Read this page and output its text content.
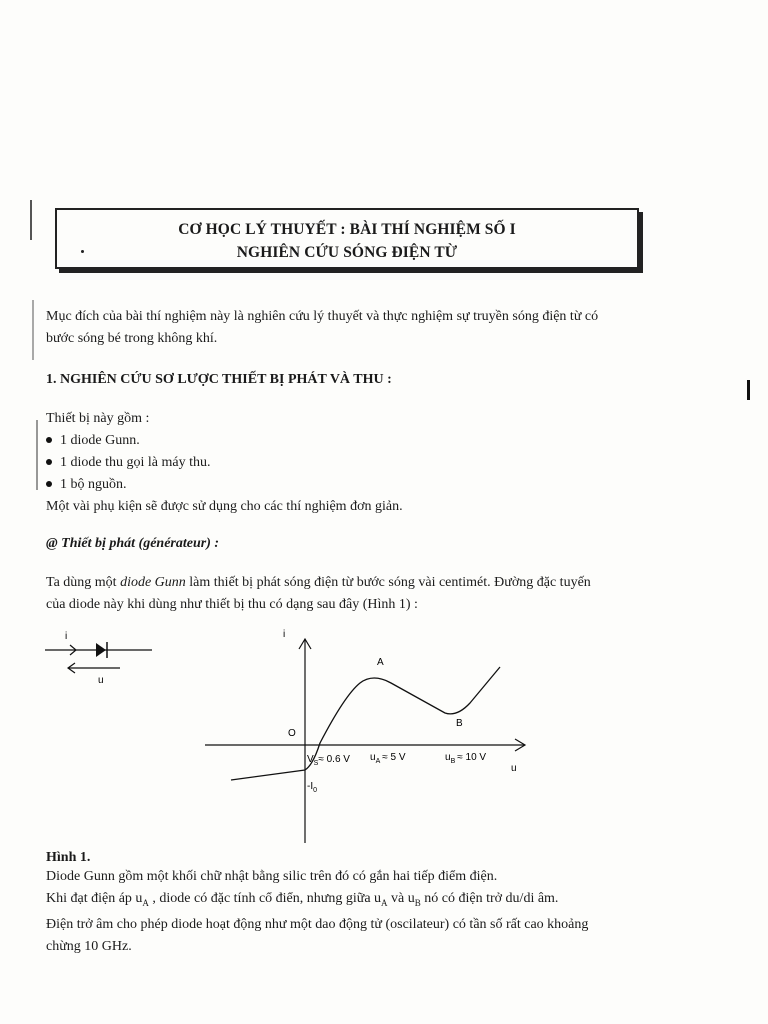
CƠ HỌC LÝ THUYẾT : BÀI THÍ NGHIỆM SỐ I
NGHIÊN CỨU SÓNG ĐIỆN TỪ
Mục đích của bài thí nghiệm này là nghiên cứu lý thuyết và thực nghiệm sự truyền sóng điện từ có
bước sóng bé trong không khí.
1. NGHIÊN CỨU SƠ LƯỢC THIẾT BỊ PHÁT VÀ THU :
Thiết bị này gồm :
1 diode Gunn.
1 diode thu gọi là máy thu.
1 bộ nguồn.
Một vài phụ kiện sẽ được sử dụng cho các thí nghiệm đơn giản.
@ Thiết bị phát (générateur) :
Ta dùng một diode Gunn làm thiết bị phát sóng điện từ bước sóng vài centimét. Đường đặc tuyến
của diode này khi dùng như thiết bị thu có dạng sau đây (Hình 1) :
i
u
i
u
O
A
B
$-I_0$
$V_S\approx 0.6$ V $u_A \approx 5$ V	$u_B \approx 10$ V
Hình 1.
Diode Gunn gồm một khối chữ nhật bằng silic trên đó có gắn hai tiếp điểm điện.
Khi đạt điện áp $u_A$ , diode có đặc tính cổ điển, nhưng giữa $u_A$ và $u_B$ nó có điện trở du/di âm.
Điện trở âm cho phép diode hoạt động như một dao động tử (oscilateur) có tần số rất cao khoảng
chừng 10 GHz.
